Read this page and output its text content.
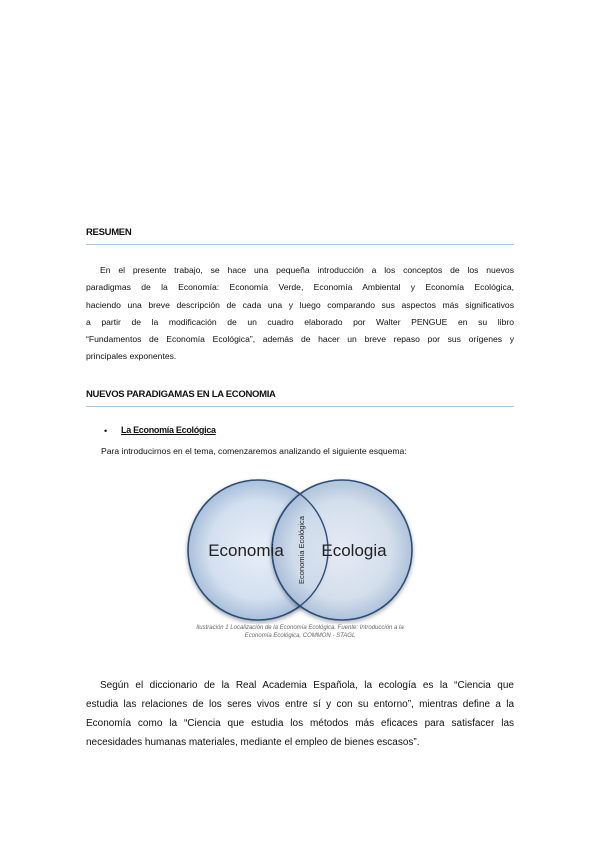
RESUMEN
En el presente trabajo, se hace una pequeña introducción a los conceptos de los nuevos
paradigmas de la Economía: Economía Verde, Economía Ambiental y Economía Ecológica,
haciendo una breve descripción de cada una y luego comparando sus aspectos más significativos
a partir de la modificación de un cuadro elaborado por Walter PENGUE en su libro
“Fundamentos de Economía Ecológica”, además de hacer un breve repaso por sus orígenes y
principales exponentes.
NUEVOS PARADIGAMAS EN LA ECONOMIA
• La Economía Ecológica
Para introducirnos en el tema, comenzaremos analizando el siguiente esquema:
Economia Ecologia
Economia Ecológica
Ilustración 1 Localización de la Economía Ecológica. Fuente: Introducción a la
Economía Ecológica, COMMON - STAGL
Según el diccionario de la Real Academia Española, la ecología es la “Ciencia que
estudia las relaciones de los seres vivos entre sí y con su entorno”, mientras define a la
Economía como la “Ciencia que estudia los métodos más eficaces para satisfacer las
necesidades humanas materiales, mediante el empleo de bienes escasos”.
